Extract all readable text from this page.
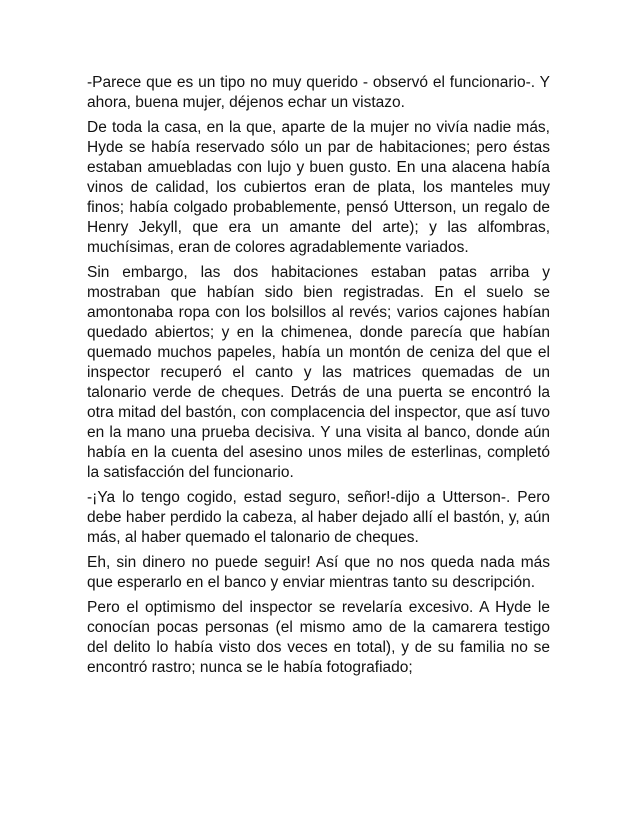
-Parece que es un tipo no muy querido - observó el funcionario-. Y ahora, buena mujer, déjenos echar un vistazo.

De toda la casa, en la que, aparte de la mujer no vivía nadie más, Hyde se había reservado sólo un par de habitaciones; pero éstas estaban amuebladas con lujo y buen gusto. En una alacena había vinos de calidad, los cubiertos eran de plata, los manteles muy finos; había colgado probablemente, pensó Utterson, un regalo de Henry Jekyll, que era un amante del arte); y las alfombras, muchísimas, eran de colores agradablemente variados.

Sin embargo, las dos habitaciones estaban patas arriba y mostraban que habían sido bien registradas. En el suelo se amontonaba ropa con los bolsillos al revés; varios cajones habían quedado abiertos; y en la chimenea, donde parecía que habían quemado muchos papeles, había un montón de ceniza del que el inspector recuperó el canto y las matrices quemadas de un talonario verde de cheques. Detrás de una puerta se encontró la otra mitad del bastón, con complacencia del inspector, que así tuvo en la mano una prueba decisiva. Y una visita al banco, donde aún había en la cuenta del asesino unos miles de esterlinas, completó la satisfacción del funcionario.

-¡Ya lo tengo cogido, estad seguro, señor!-dijo a Utterson-. Pero debe haber perdido la cabeza, al haber dejado allí el bastón, y, aún más, al haber quemado el talonario de cheques.

Eh, sin dinero no puede seguir! Así que no nos queda nada más que esperarlo en el banco y enviar mientras tanto su descripción.

Pero el optimismo del inspector se revelaría excesivo. A Hyde le conocían pocas personas (el mismo amo de la camarera testigo del delito lo había visto dos veces en total), y de su familia no se encontró rastro; nunca se le había fotografiado;
